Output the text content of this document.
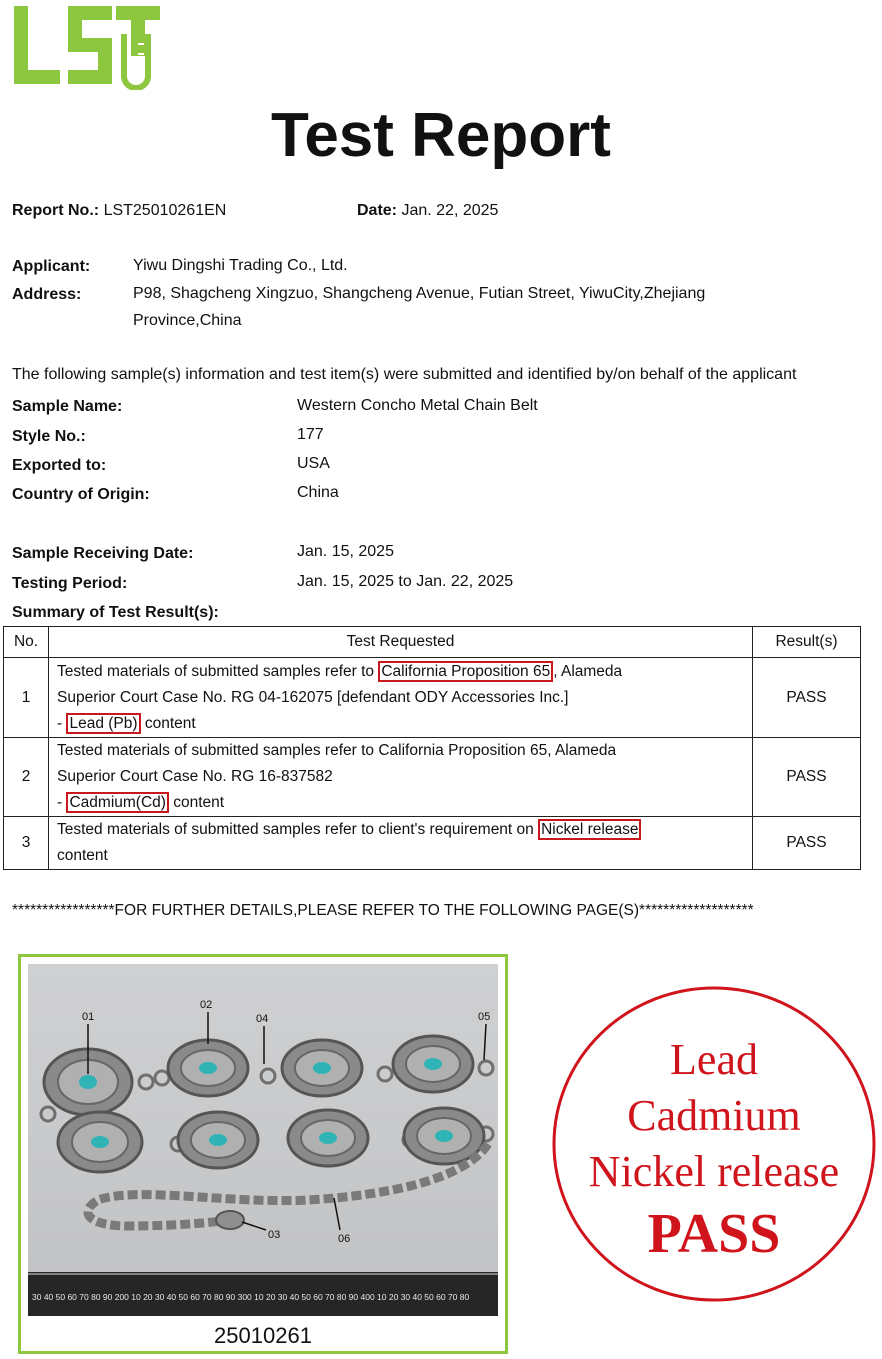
Test Report
Report No.: LST25010261EN	Date: Jan. 22, 2025
Applicant:	Yiwu Dingshi Trading Co., Ltd.
Address:	P98, Shagcheng Xingzuo, Shangcheng Avenue, Futian Street, YiwuCity,Zhejiang
Province,China
The following sample(s) information and test item(s) were submitted and identified by/on behalf of the applicant
Sample Name:	Western Concho Metal Chain Belt
Style No.:	177
Exported to:	USA
Country of Origin:	China
Sample Receiving Date:	Jan. 15, 2025
Testing Period:	Jan. 15, 2025 to Jan. 22, 2025
Summary of Test Result(s):
No.	Test Requested	Result(s)
1	Tested materials of submitted samples refer to California Proposition 65 , Alameda
Superior Court Case No. RG 04-162075 [defendant ODY Accessories Inc.]
- Lead (Pb) content	PASS
2	Tested materials of submitted samples refer to California Proposition 65, Alameda
Superior Court Case No. RG 16-837582
- Cadmium(Cd) content	PASS
3	Tested materials of submitted samples refer to client's requirement on Nickel release
content	PASS
*****************FOR FURTHER DETAILS,PLEASE REFER TO THE FOLLOWING PAGE(S)*******************
01
02
04	05
03	06
30 40 50 60 70 80 90 200 10 20 30 40 50 60 70 80 90 300 10 20 30 40 50 60 70 80 90 400 10 20 30 40 50 60 70 80
25010261
Lead
Cadmium
Nickel release
PASS
